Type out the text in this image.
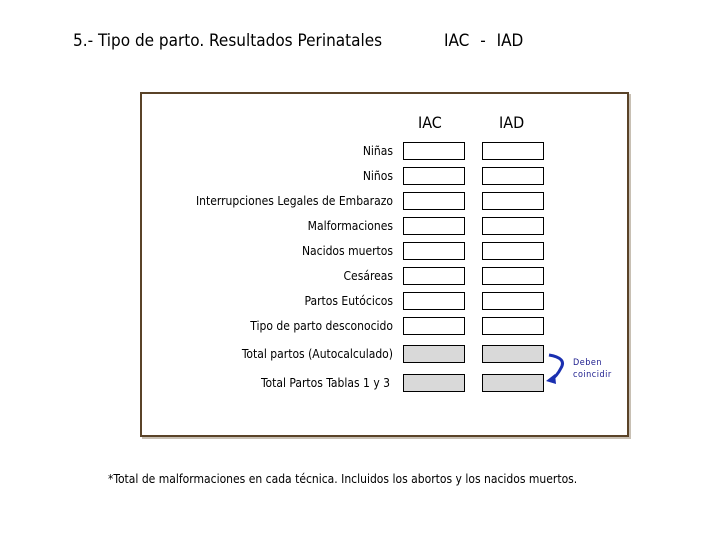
5.- Tipo de parto. Resultados Perinatales	IAC - IAD
IAC	IAD
Niñas
Niños
Interrupciones Legales de Embarazo
Malformaciones
Nacidos muertos
Cesáreas
Partos Eutócicos
Tipo de parto desconocido
Total partos (Autocalculado)
Total Partos Tablas 1 y 3
Deben
coincidir
*Total de malformaciones en cada técnica. Incluidos los abortos y los nacidos muertos.
